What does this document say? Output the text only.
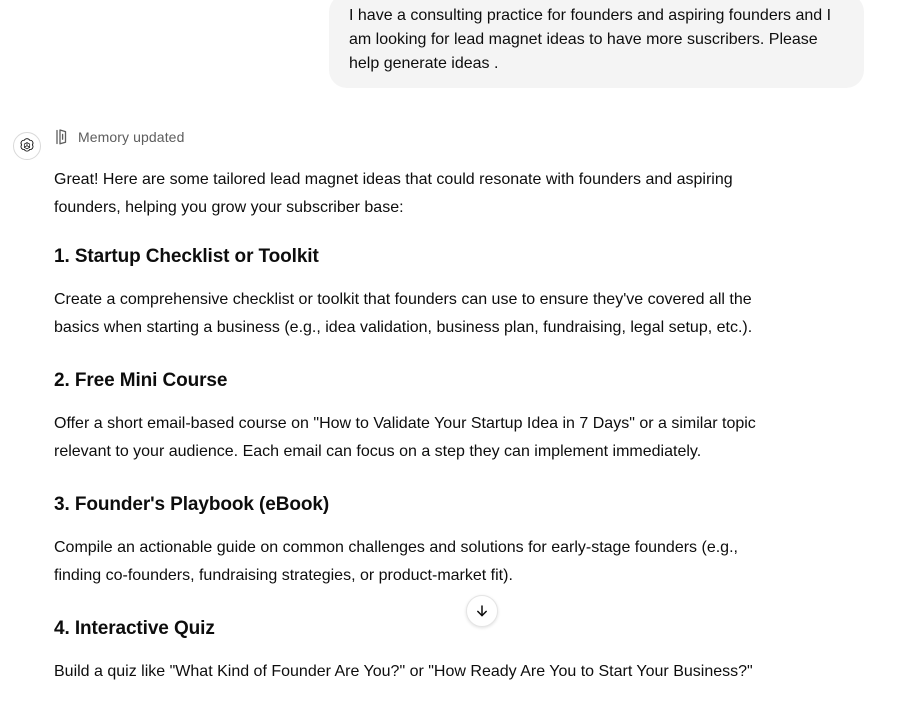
I have a consulting practice for founders and aspiring founders and I am looking for lead magnet ideas to have more suscribers. Please help generate ideas .
Memory updated

Great! Here are some tailored lead magnet ideas that could resonate with founders and aspiring founders, helping you grow your subscriber base:

1. Startup Checklist or Toolkit

Create a comprehensive checklist or toolkit that founders can use to ensure they've covered all the basics when starting a business (e.g., idea validation, business plan, fundraising, legal setup, etc.).

2. Free Mini Course

Offer a short email-based course on "How to Validate Your Startup Idea in 7 Days" or a similar topic relevant to your audience. Each email can focus on a step they can implement immediately.

3. Founder's Playbook (eBook)

Compile an actionable guide on common challenges and solutions for early-stage founders (e.g., finding co-founders, fundraising strategies, or product-market fit).

4. Interactive Quiz

Build a quiz like "What Kind of Founder Are You?" or "How Ready Are You to Start Your Business?"
